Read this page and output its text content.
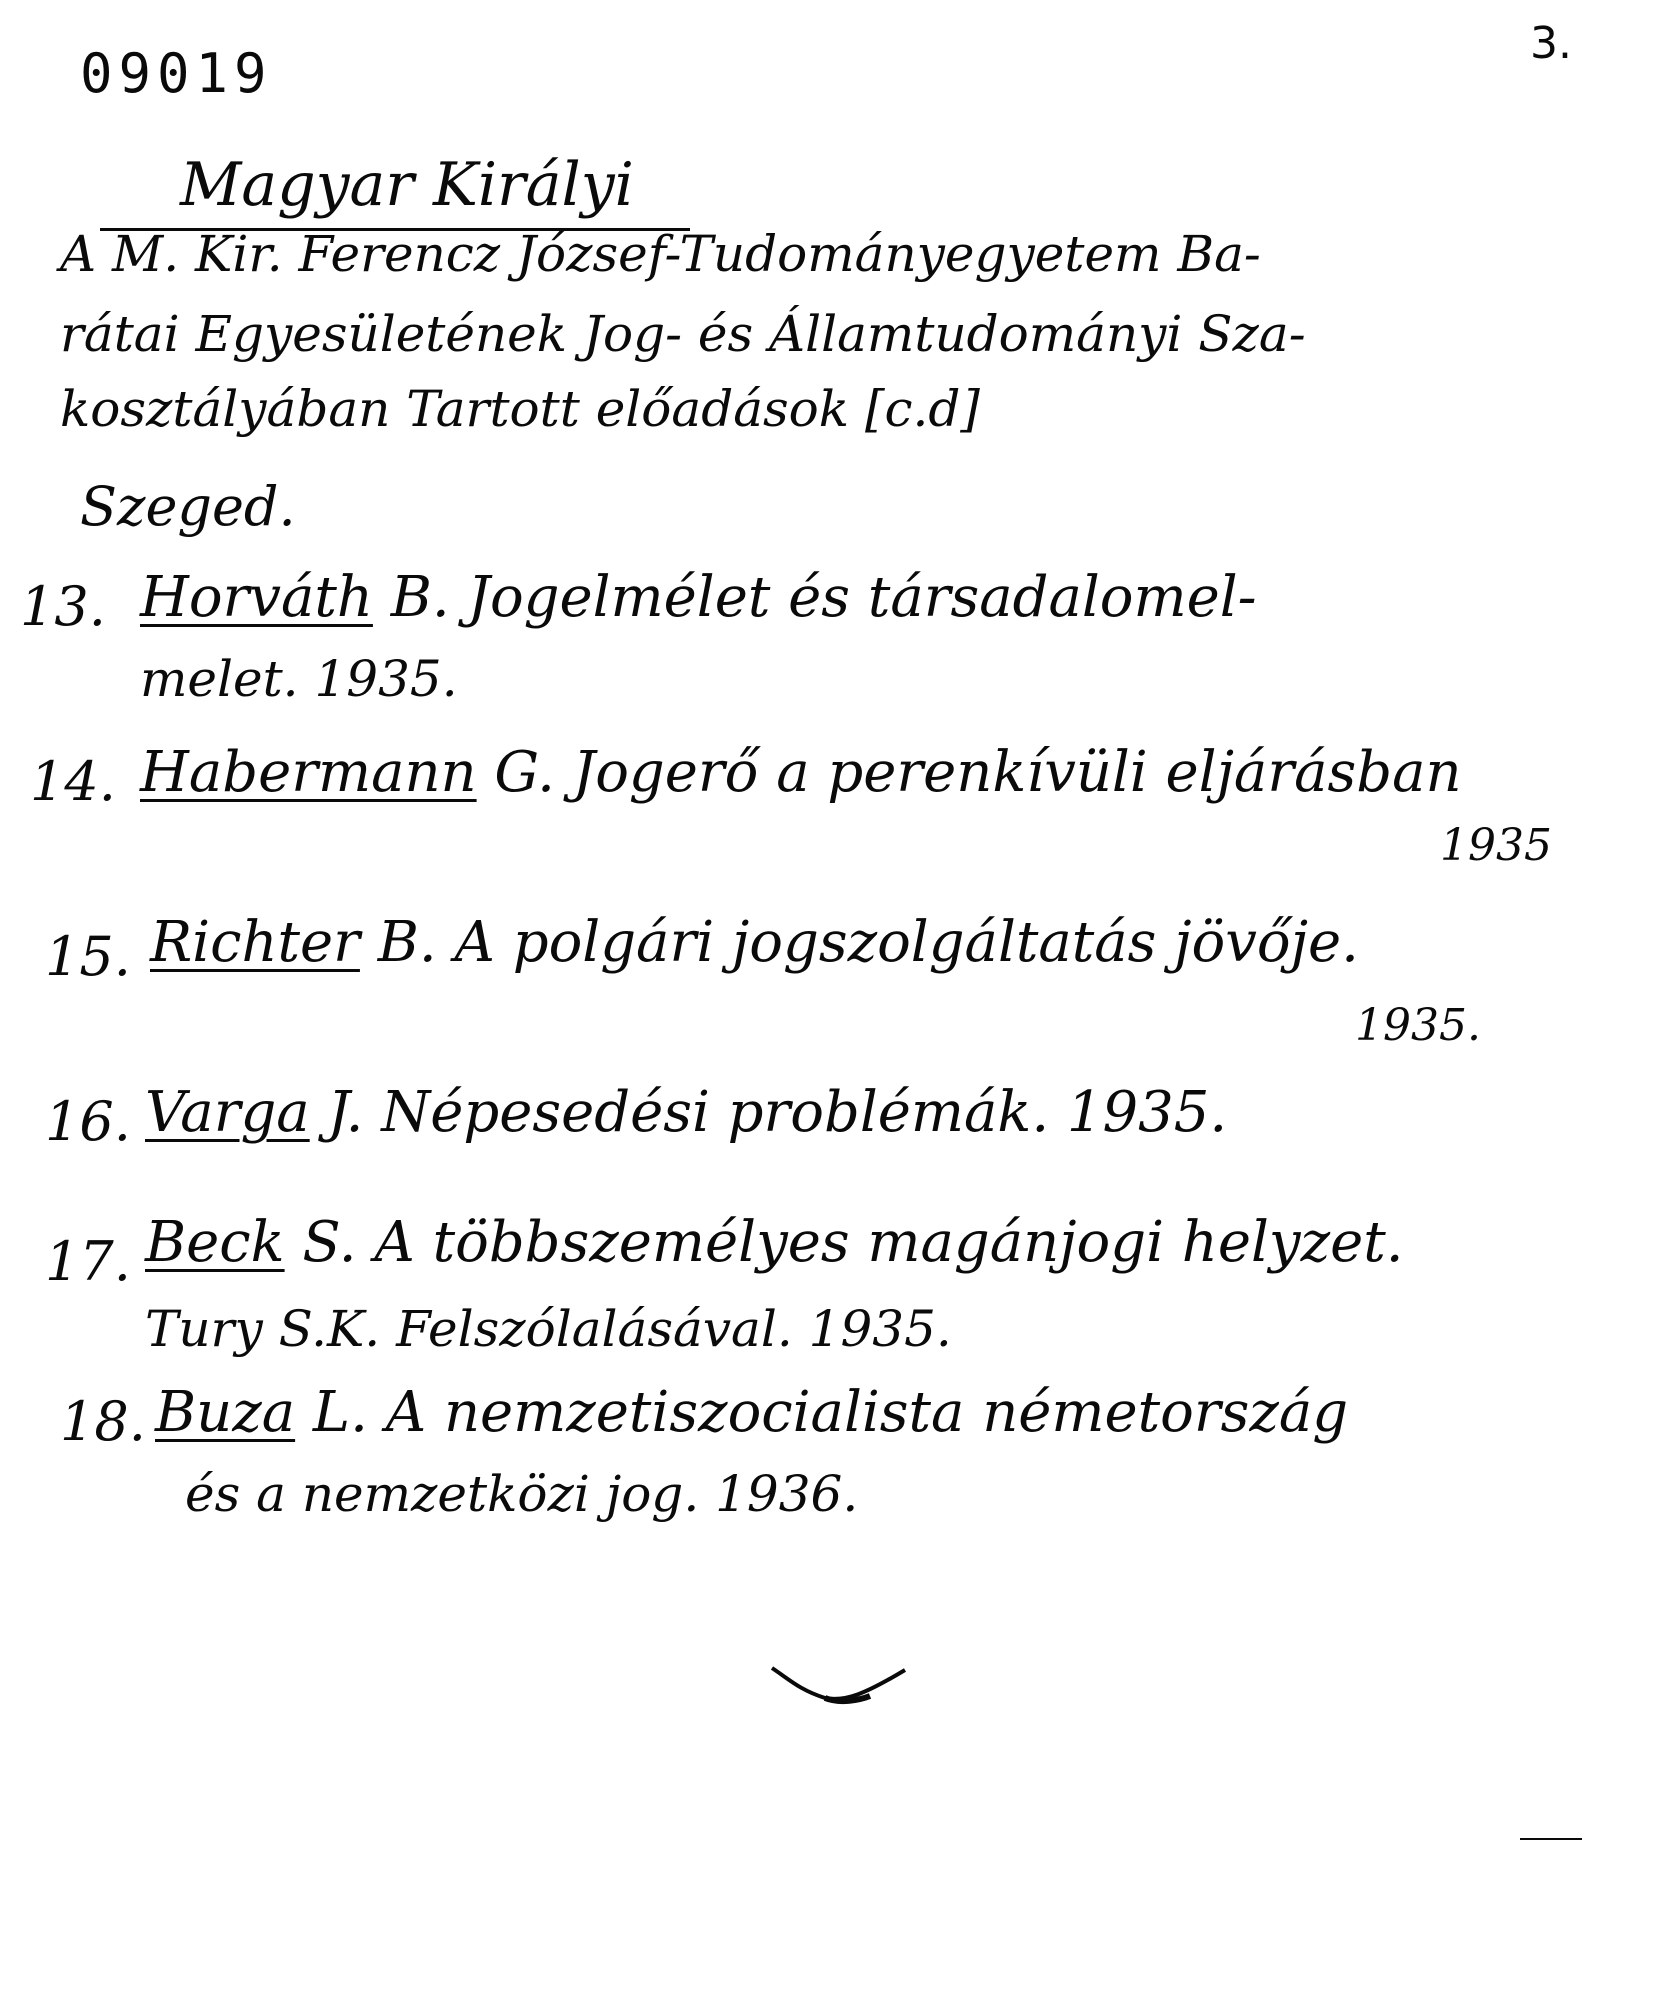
09019	3.
Magyar Királyi
A M. Kir. Ferencz József-Tudományegyetem Ba-
rátai Egyesületének Jog- és Államtudományi Sza-
kosztályában Tartott előadások [c.d]
Szeged.
13. Horváth B. Jogelmélet és társadalomel-
melet. 1935.
14. Habermann G. Jogerő a perenkívüli eljárásban
1935
15. Richter B. A polgári jogszolgáltatás jövője.
1935.
16. Varga J. Népesedési problémák. 1935.
17. Beck S. A többszemélyes magánjogi helyzet.
Tury S.K. Felszólalásával. 1935.
18. Buza L. A nemzetiszocialista németország
és a nemzetközi jog. 1936.
